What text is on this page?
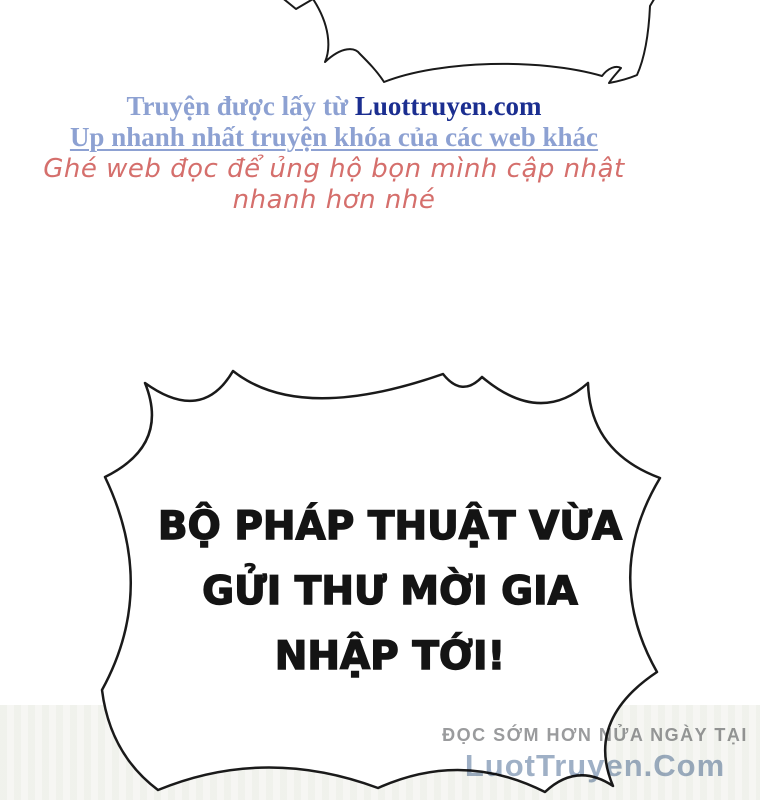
Truyện được lấy từ Luottruyen.com
Up nhanh nhất truyện khóa của các web khác
Ghé web đọc để ủng hộ bọn mình cập nhật nhanh hơn nhé
BỘ PHÁP THUẬT VỪA
GỬI THƯ MỜI GIA
NHẬP TỚI!
ĐỌC SỚM HƠN NỬA NGÀY TẠI
LuotTruyen.Com
